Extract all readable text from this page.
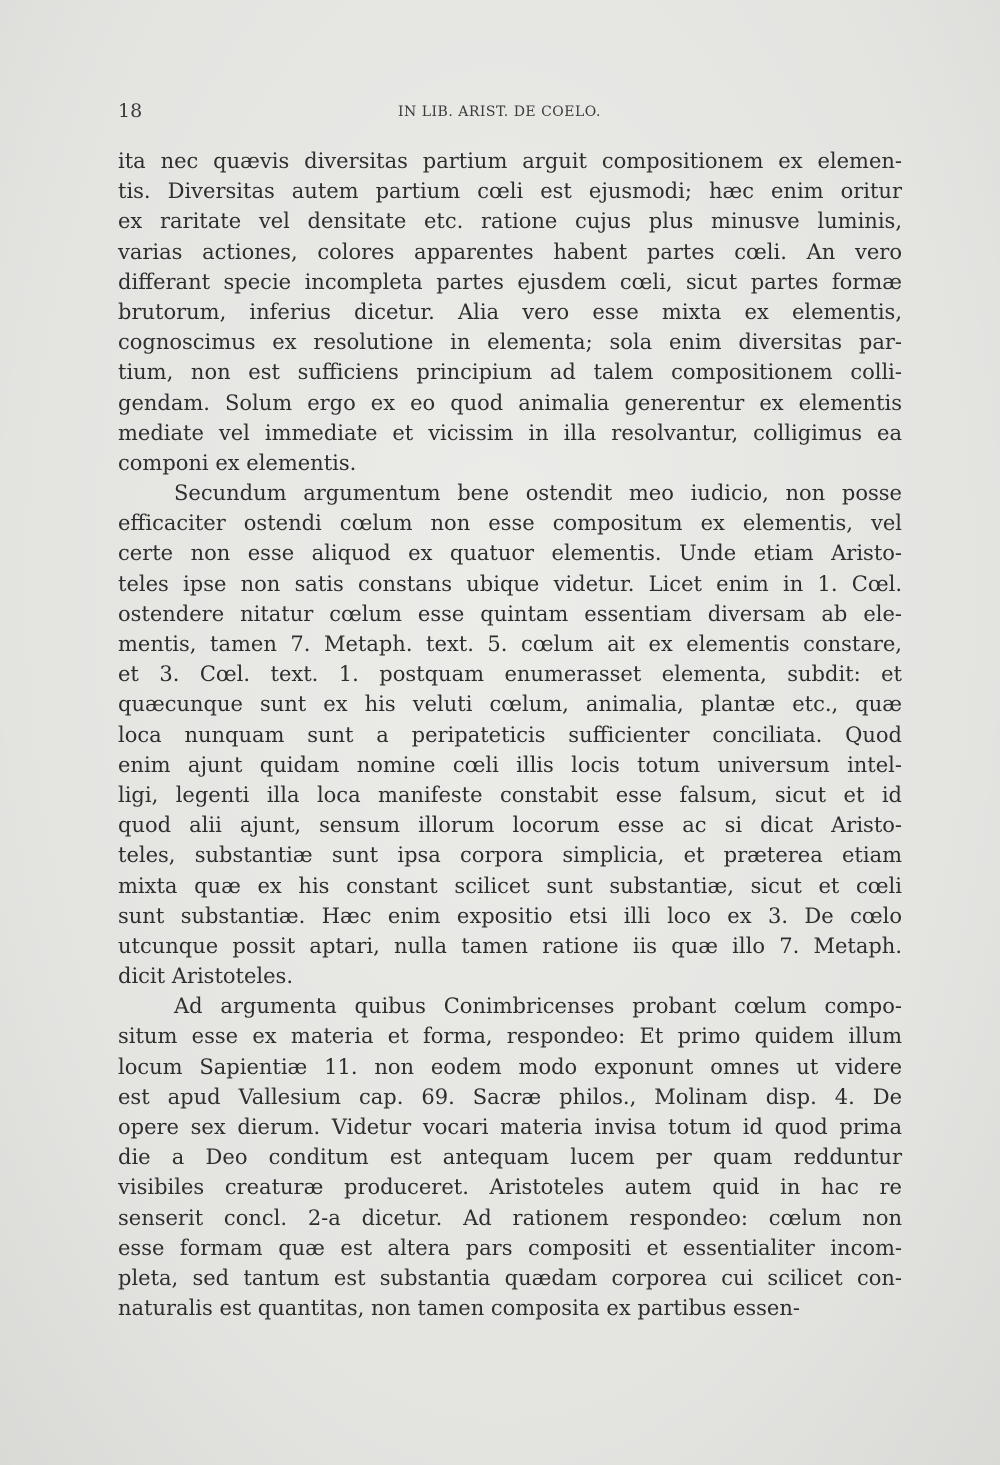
18	IN LIB. ARIST. DE COELO.
ita nec quævis diversitas partium arguit compositionem ex elemen-
tis. Diversitas autem partium cœli est ejusmodi; hæc enim oritur
ex raritate vel densitate etc. ratione cujus plus minusve luminis,
varias actiones, colores apparentes habent partes cœli. An vero
differant specie incompleta partes ejusdem cœli, sicut partes formæ
brutorum, inferius dicetur. Alia vero esse mixta ex elementis,
cognoscimus ex resolutione in elementa; sola enim diversitas par-
tium, non est sufficiens principium ad talem compositionem colli-
gendam. Solum ergo ex eo quod animalia generentur ex elementis
mediate vel immediate et vicissim in illa resolvantur, colligimus ea
componi ex elementis.
Secundum argumentum bene ostendit meo iudicio, non posse
efficaciter ostendi cœlum non esse compositum ex elementis, vel
certe non esse aliquod ex quatuor elementis. Unde etiam Aristo-
teles ipse non satis constans ubique videtur. Licet enim in 1. Cœl.
ostendere nitatur cœlum esse quintam essentiam diversam ab ele-
mentis, tamen 7. Metaph. text. 5. cœlum ait ex elementis constare,
et 3. Cœl. text. 1. postquam enumerasset elementa, subdit: et
quæcunque sunt ex his veluti cœlum, animalia, plantæ etc., quæ
loca nunquam sunt a peripateticis sufficienter conciliata. Quod
enim ajunt quidam nomine cœli illis locis totum universum intel-
ligi, legenti illa loca manifeste constabit esse falsum, sicut et id
quod alii ajunt, sensum illorum locorum esse ac si dicat Aristo-
teles, substantiæ sunt ipsa corpora simplicia, et præterea etiam
mixta quæ ex his constant scilicet sunt substantiæ, sicut et cœli
sunt substantiæ. Hæc enim expositio etsi illi loco ex 3. De cœlo
utcunque possit aptari, nulla tamen ratione iis quæ illo 7. Metaph.
dicit Aristoteles.
Ad argumenta quibus Conimbricenses probant cœlum compo-
situm esse ex materia et forma, respondeo: Et primo quidem illum
locum Sapientiæ 11. non eodem modo exponunt omnes ut videre
est apud Vallesium cap. 69. Sacræ philos., Molinam disp. 4. De
opere sex dierum. Videtur vocari materia invisa totum id quod prima
die a Deo conditum est antequam lucem per quam redduntur
visibiles creaturæ produceret. Aristoteles autem quid in hac re
senserit concl. 2-a dicetur. Ad rationem respondeo: cœlum non
esse formam quæ est altera pars compositi et essentialiter incom-
pleta, sed tantum est substantia quædam corporea cui scilicet con-
naturalis est quantitas, non tamen composita ex partibus essen-
